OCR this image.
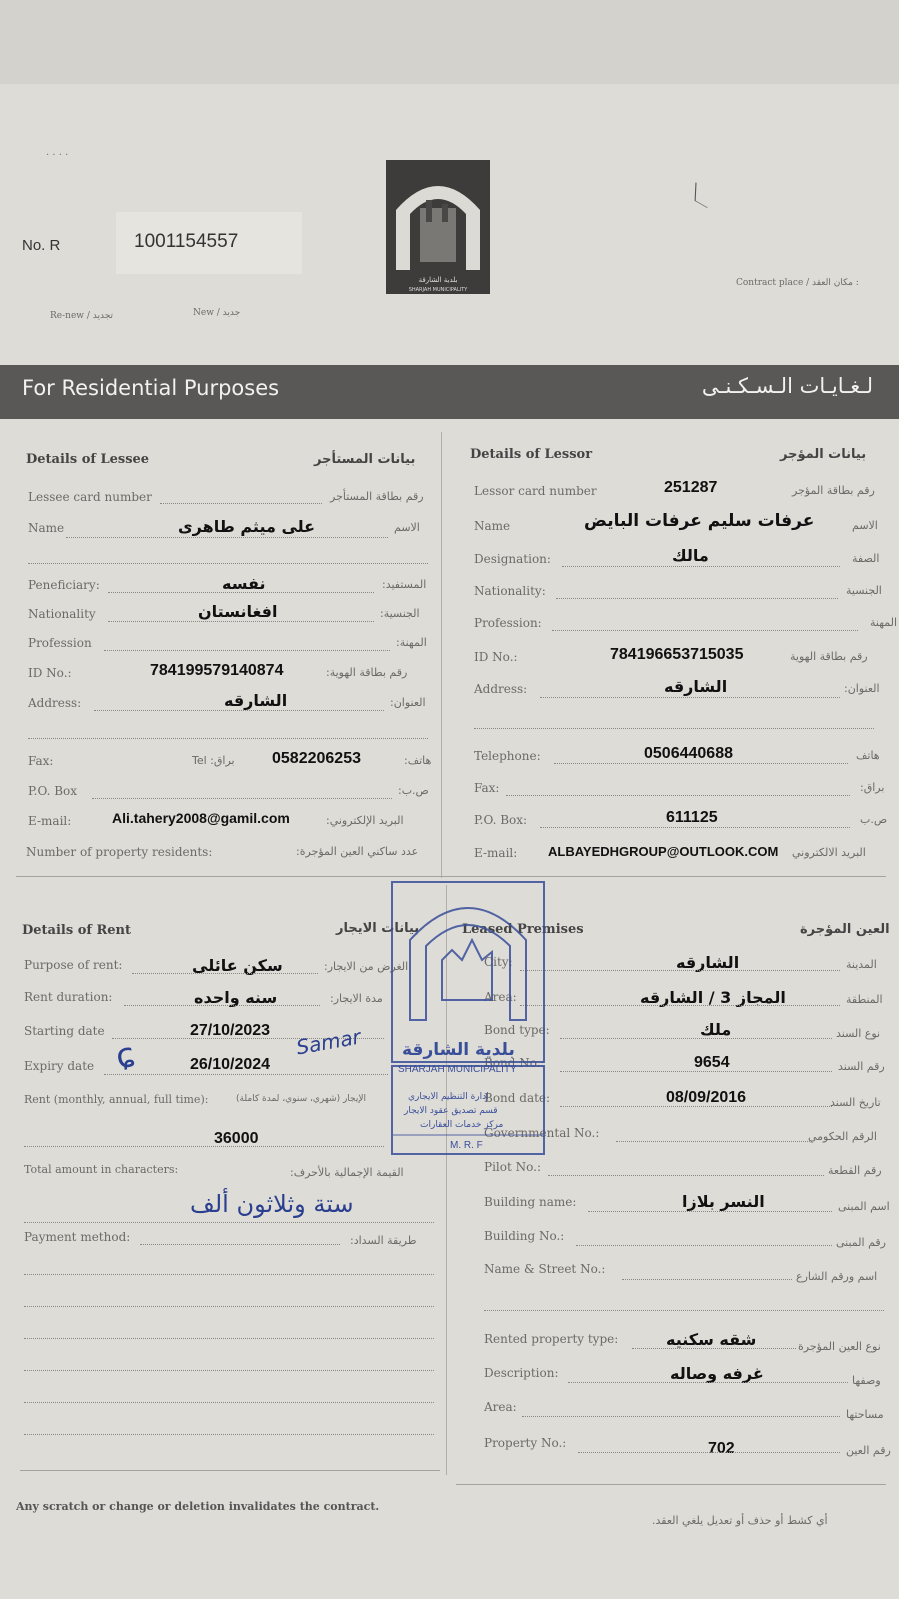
· · · ·
No. R	1001154557
Re-new / تجديد	New / جديد
Contract place / مكان العقد :
╲__
بلدية الشارقة
SHARJAH MUNICIPALITY
For Residential Purposes	لـغـايـات الـسـكـنـى
Details of Lessee	بيانات المستأجر
Lessee card number	رقم بطاقة المستأجر
Name	على ميثم طاهرى	الاسم
Peneficiary:	نفسه	المستفيد:
Nationality	افغانستان	الجنسية:
Profession	المهنة:
ID No.:	784199579140874	رقم بطاقة الهوية:
Address:	الشارقه	العنوان:
Fax:	براق: Tel 0582206253	هاتف:
P.O. Box	ص.ب:
E-mail:	Ali.tahery2008@gamil.com	البريد الإلكتروني:
Number of property residents:	عدد ساكني العين المؤجرة:
Details of Lessor	بيانات المؤجر
Lessor card number	251287	رقم بطاقة المؤجر
Name	عرفات سليم عرفات البايض	الاسم
Designation:	مالك	الصفة
Nationality:	الجنسية
Profession:	المهنة
ID No.:	784196653715035	رقم بطاقة الهوية
Address:	الشارقه	العنوان:
Telephone:	0506440688	هاتف
Fax:	براق:
P.O. Box:	611125	ص.ب
E-mail: ALBAYEDHGROUP@OUTLOOK.COM البريد الالكتروني
Details of Rent	بيانات الايجار
Purpose of rent:	سكن عائلى	الغرض من الايجار:
Rent duration:	سنه واحده	مدة الايجار:
Starting date	27/10/2023
Expiry date ɕ	26/10/2024
Samar
Rent (monthly, annual, full time):	الإيجار (شهري، سنوي، لمدة كاملة)
36000
Total amount in characters:	القيمة الإجمالية بالأحرف:
ستة وثلاثون ألف
Payment method:	طريقة السداد:
Leased Premises	العين المؤجرة
City:	الشارقه	المدينة
Area:	المجاز 3 / الشارقه	المنطقة
Bond type:	ملك	نوع السند
Bond No.:	9654	رقم السند
Bond date:	08/09/2016	تاريخ السند
Governmental No.:	الرقم الحكومي
Pilot No.:	رقم القطعة
Building name:	النسر بلازا	اسم المبنى
Building No.:	رقم المبنى
Name & Street No.:
اسم ورقم الشارع
Rented property type:	شقه سكنيه	نوع العين المؤجرة
Description:	غرفه وصاله	وصفها
Area:
مساحتها
Property No.:	702	رقم العين
بلدية الشارقة
SHARJAH MUNICIPALITY
إدارة التنظيم الايجاري
قسم تصديق عقود الايجار
مركز خدمات العقارات
M. R. F
Any scratch or change or deletion invalidates the contract.
أي كشط أو حذف أو تعديل يلغي العقد.
